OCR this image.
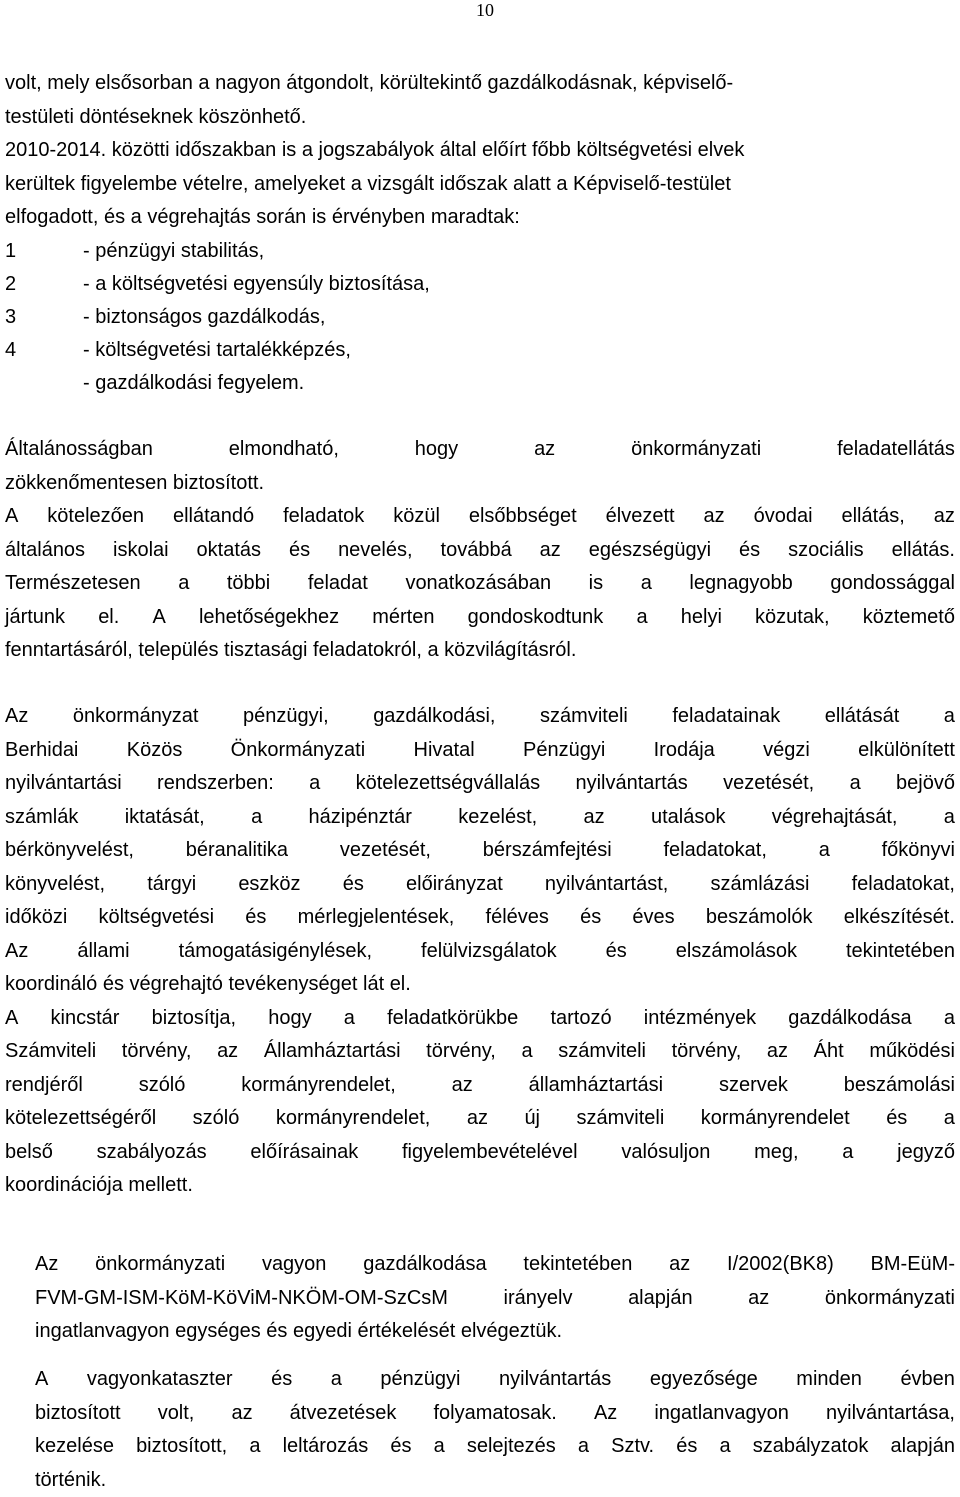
10
volt, mely elsősorban a nagyon átgondolt, körültekintő gazdálkodásnak, képviselő-
testületi döntéseknek köszönhető.
2010-2014. közötti időszakban is a jogszabályok által előírt főbb költségvetési elvek
kerültek figyelembe vételre, amelyeket a vizsgált időszak alatt a Képviselő-testület
elfogadott, és a végrehajtás során is érvényben maradtak:
1	- pénzügyi stabilitás,
2	- a költségvetési egyensúly biztosítása,
3	- biztonságos gazdálkodás,
4	- költségvetési tartalékképzés,
- gazdálkodási fegyelem.
Általánosságban	elmondható,	hogy	az	önkormányzati	feladatellátás
zökkenőmentesen biztosított.
A kötelezően ellátandó feladatok közül elsőbbséget élvezett az óvodai ellátás, az
általános iskolai oktatás és nevelés, továbbá az egészségügyi és szociális ellátás.
Természetesen a többi feladat vonatkozásában is a legnagyobb gondossággal
jártunk el. A lehetőségekhez mérten gondoskodtunk a helyi közutak, köztemető
fenntartásáról, település tisztasági feladatokról, a közvilágításról.
Az önkormányzat pénzügyi, gazdálkodási, számviteli feladatainak ellátását a
Berhidai Közös Önkormányzati Hivatal Pénzügyi Irodája végzi elkülönített
nyilvántartási rendszerben: a kötelezettségvállalás nyilvántartás vezetését, a bejövő
számlák iktatását, a házipénztár kezelést, az utalások végrehajtását, a
bérkönyvelést,	béranalitika	vezetését,	bérszámfejtési	feladatokat,	a	főkönyvi
könyvelést, tárgyi eszköz és előirányzat nyilvántartást, számlázási feladatokat,
időközi költségvetési és mérlegjelentések, féléves és éves beszámolók elkészítését.
Az állami támogatásigénylések, felülvizsgálatok és elszámolások tekintetében
koordináló és végrehajtó tevékenységet lát el.
A kincstár biztosítja, hogy a feladatkörükbe tartozó intézmények gazdálkodása a
Számviteli törvény, az Államháztartási törvény, a számviteli törvény, az Áht működési
rendjéről	szóló	kormányrendelet,	az	államháztartási	szervek	beszámolási
kötelezettségéről szóló kormányrendelet, az új számviteli kormányrendelet és a
belső szabályozás előírásainak figyelembevételével valósuljon meg, a jegyző
koordinációja mellett.
Az önkormányzati vagyon gazdálkodása tekintetében az I/2002(BK8) BM-EüM-
FVM-GM-ISM-KöM-KöViM-NKÖM-OM-SzCsM	irányelv	alapján	az	önkormányzati
ingatlanvagyon egységes és egyedi értékelését elvégeztük.
A vagyonkataszter és a pénzügyi nyilvántartás egyezősége minden évben
biztosított volt, az átvezetések folyamatosak. Az ingatlanvagyon nyilvántartása,
kezelése biztosított, a leltározás és a selejtezés a Sztv. és a szabályzatok alapján
történik.
